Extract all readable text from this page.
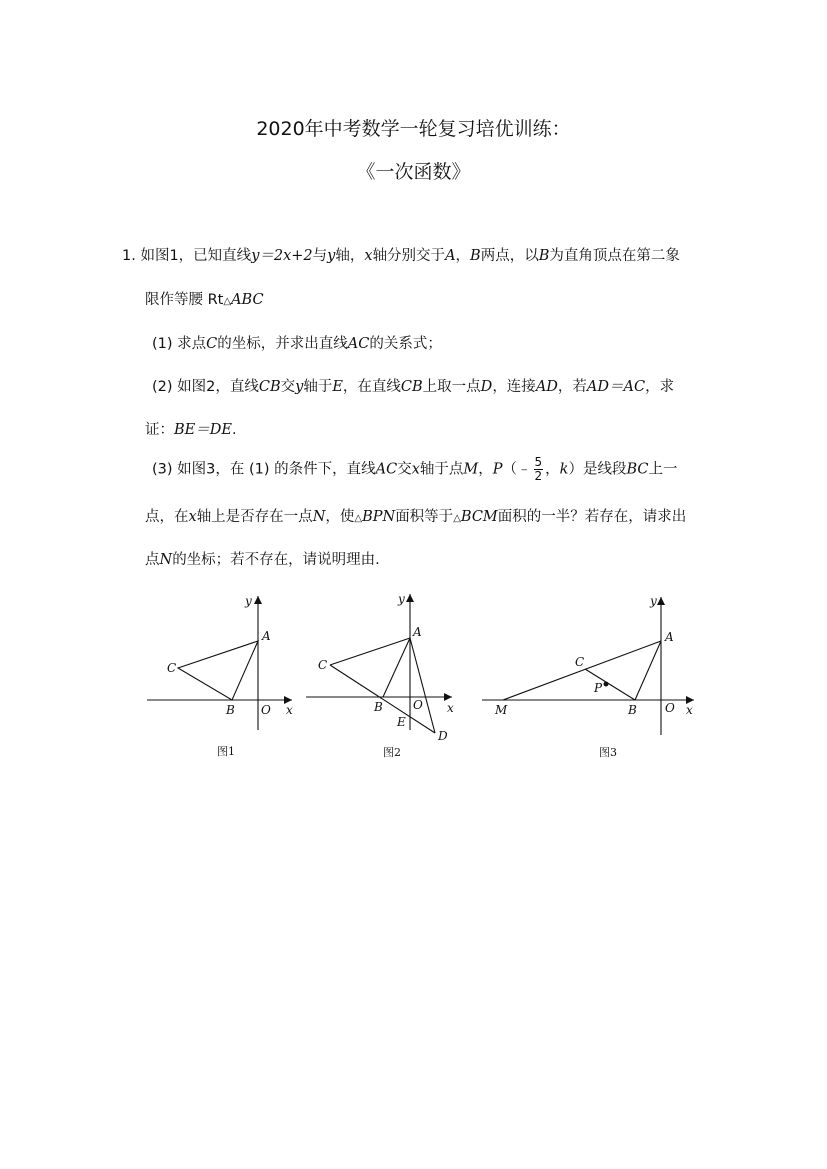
2020年中考数学一轮复习培优训练：
《一次函数》
1. 如图1，已知直线y＝2x+2与y轴，x轴分别交于A，B两点，以B为直角顶点在第二象
限作等腰 Rt△ABC
(1) 求点C的坐标，并求出直线AC的关系式；
(2) 如图2，直线CB交y轴于E，在直线CB上取一点D，连接AD，若AD＝AC，求
证：BE＝DE.
(3) 如图3，在 (1) 的条件下，直线AC交x轴于点M，P（﹣ $\frac{5}{2}$ ，k）是线段BC上一
点，在x轴上是否存在一点N，使△BPN面积等于△BCM面积的一半？若存在，请求出
点N的坐标；若不存在，请说明理由.
y
x
A
C
B O
图1
y
x
A
C
B	O
E
D
图2
y
x
A
C
P
M	B O
图3
